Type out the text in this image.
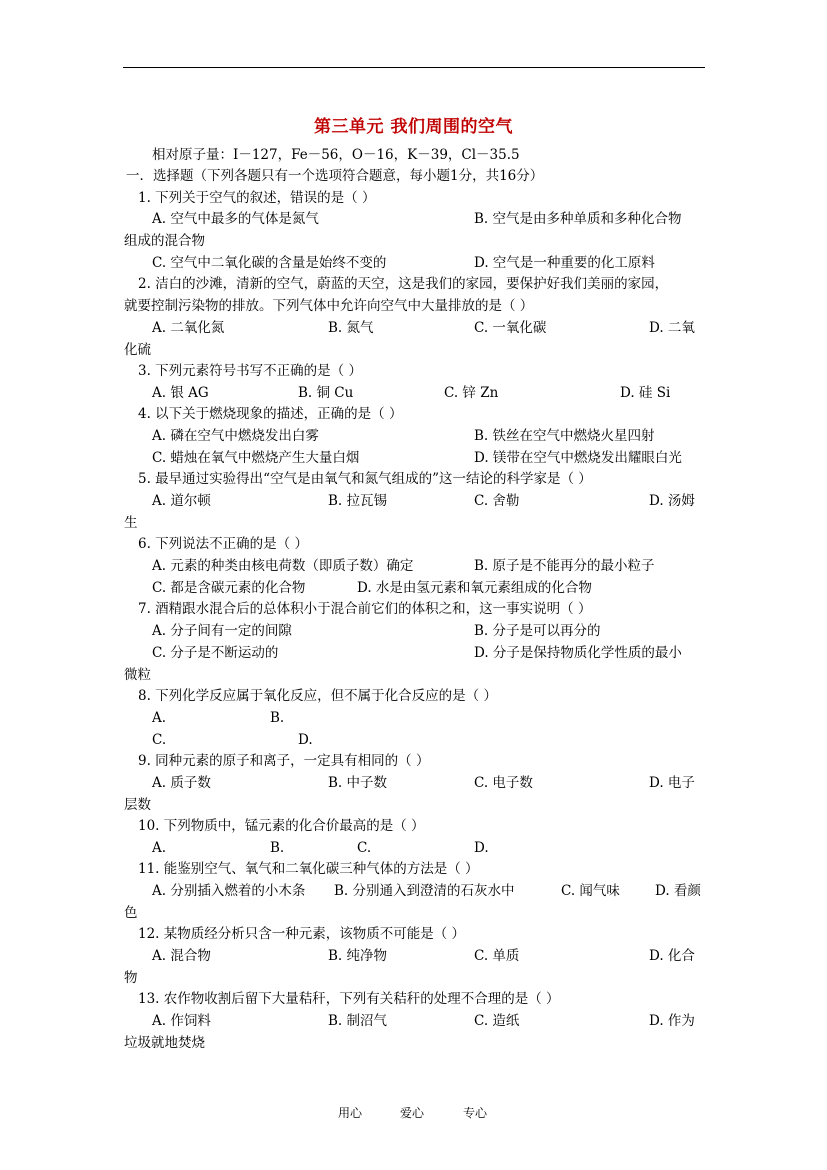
第三单元 我们周围的空气
相对原子量：I－127，Fe－56，O－16，K－39，Cl－35.5
一．选择题（下列各题只有一个选项符合题意，每小题1分，共16分）
1. 下列关于空气的叙述，错误的是（ ）
A. 空气中最多的气体是氮气	B. 空气是由多种单质和多种化合物
组成的混合物
C. 空气中二氧化碳的含量是始终不变的	D. 空气是一种重要的化工原料
2. 洁白的沙滩，清新的空气，蔚蓝的天空，这是我们的家园，要保护好我们美丽的家园，
就要控制污染物的排放。下列气体中允许向空气中大量排放的是（ ）
A. 二氧化氮	B. 氮气	C. 一氧化碳	D. 二氧
化硫
3. 下列元素符号书写不正确的是（ ）
A. 银 AG	B. 铜 Cu	C. 锌 Zn	D. 硅 Si
4. 以下关于燃烧现象的描述，正确的是（ ）
A. 磷在空气中燃烧发出白雾	B. 铁丝在空气中燃烧火星四射
C. 蜡烛在氧气中燃烧产生大量白烟	D. 镁带在空气中燃烧发出耀眼白光
5. 最早通过实验得出“空气是由氧气和氮气组成的”这一结论的科学家是（ ）
A. 道尔顿	B. 拉瓦锡	C. 舍勒	D. 汤姆
生
6. 下列说法不正确的是（ ）
A. 元素的种类由核电荷数（即质子数）确定	B. 原子是不能再分的最小粒子
C. 都是含碳元素的化合物	D. 水是由氢元素和氧元素组成的化合物
7. 酒精跟水混合后的总体积小于混合前它们的体积之和，这一事实说明（ ）
A. 分子间有一定的间隙	B. 分子是可以再分的
C. 分子是不断运动的	D. 分子是保持物质化学性质的最小
微粒
8. 下列化学反应属于氧化反应，但不属于化合反应的是（ ）
A.	B.
C.	D.
9. 同种元素的原子和离子，一定具有相同的（ ）
A. 质子数	B. 中子数	C. 电子数	D. 电子
层数
10. 下列物质中，锰元素的化合价最高的是（ ）
A.	B.	C.	D.
11. 能鉴别空气、氧气和二氧化碳三种气体的方法是（ ）
A. 分别插入燃着的小木条 B. 分别通入到澄清的石灰水中	C. 闻气味	D. 看颜
色
12. 某物质经分析只含一种元素，该物质不可能是（ ）
A. 混合物	B. 纯净物	C. 单质	D. 化合
物
13. 农作物收割后留下大量秸秆，下列有关秸秆的处理不合理的是（ ）
A. 作饲料	B. 制沼气	C. 造纸	D. 作为
垃圾就地焚烧
用心	爱心	专心
